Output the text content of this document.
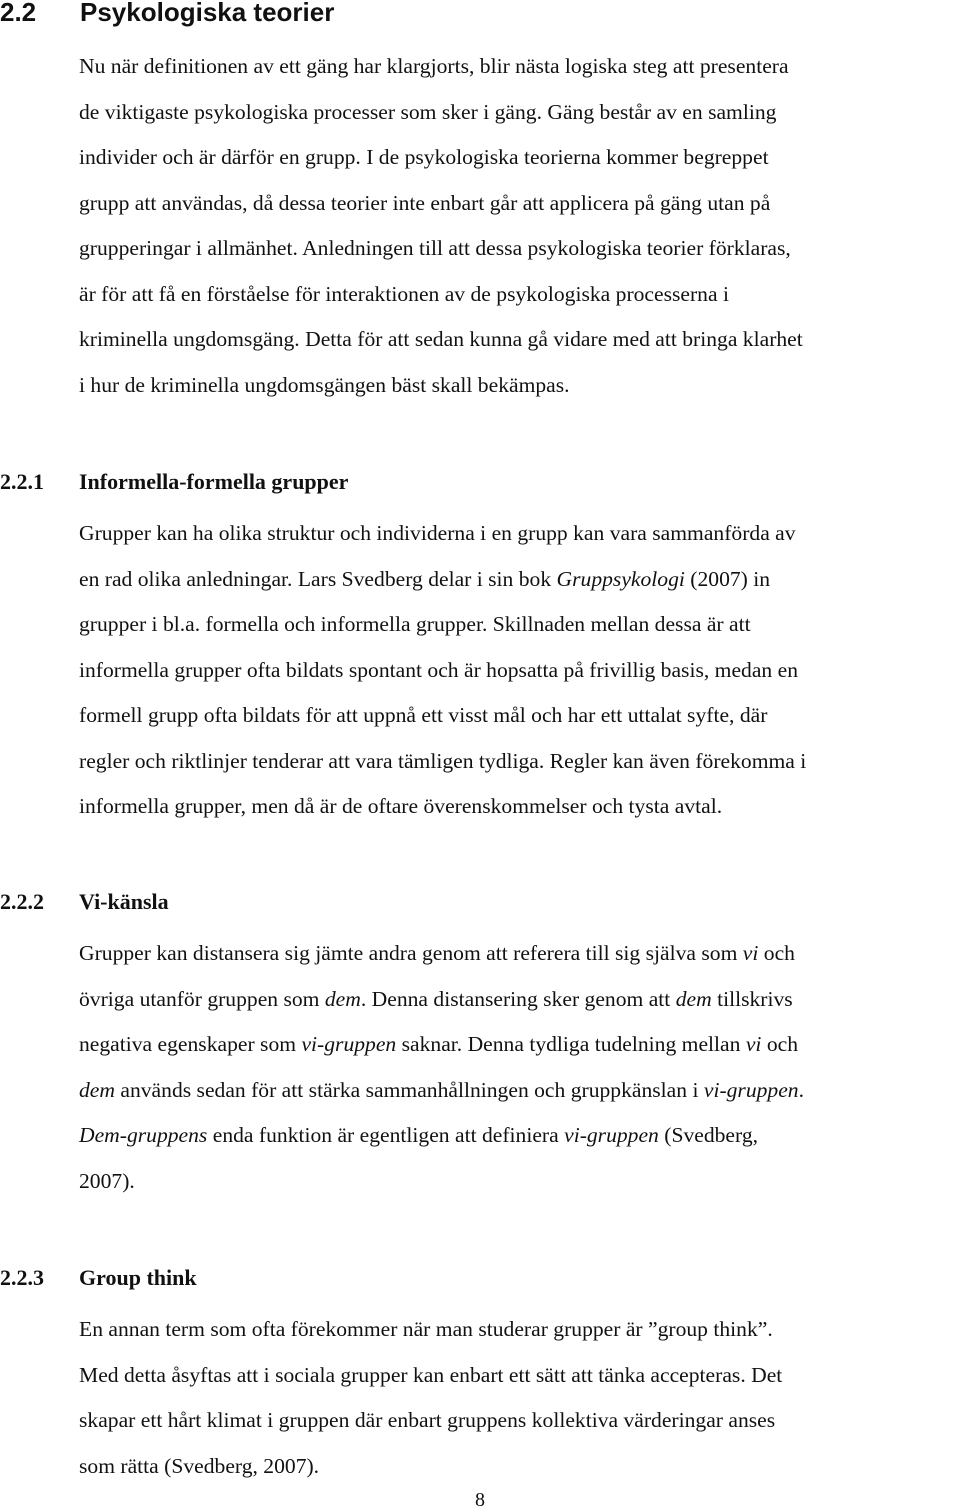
2.2 Psykologiska teorier
Nu när definitionen av ett gäng har klargjorts, blir nästa logiska steg att presentera
de viktigaste psykologiska processer som sker i gäng. Gäng består av en samling
individer och är därför en grupp. I de psykologiska teorierna kommer begreppet
grupp att användas, då dessa teorier inte enbart går att applicera på gäng utan på
grupperingar i allmänhet. Anledningen till att dessa psykologiska teorier förklaras,
är för att få en förståelse för interaktionen av de psykologiska processerna i
kriminella ungdomsgäng. Detta för att sedan kunna gå vidare med att bringa klarhet
i hur de kriminella ungdomsgängen bäst skall bekämpas.
2.2.1 Informella-formella grupper
Grupper kan ha olika struktur och individerna i en grupp kan vara sammanförda av
en rad olika anledningar. Lars Svedberg delar i sin bok Gruppsykologi (2007) in
grupper i bl.a. formella och informella grupper. Skillnaden mellan dessa är att
informella grupper ofta bildats spontant och är hopsatta på frivillig basis, medan en
formell grupp ofta bildats för att uppnå ett visst mål och har ett uttalat syfte, där
regler och riktlinjer tenderar att vara tämligen tydliga. Regler kan även förekomma i
informella grupper, men då är de oftare överenskommelser och tysta avtal.
2.2.2 Vi-känsla
Grupper kan distansera sig jämte andra genom att referera till sig själva som vi och
övriga utanför gruppen som dem. Denna distansering sker genom att dem tillskrivs
negativa egenskaper som vi-gruppen saknar. Denna tydliga tudelning mellan vi och
dem används sedan för att stärka sammanhållningen och gruppkänslan i vi-gruppen.
Dem-gruppens enda funktion är egentligen att definiera vi-gruppen (Svedberg,
2007).
2.2.3 Group think
En annan term som ofta förekommer när man studerar grupper är ”group think”.
Med detta åsyftas att i sociala grupper kan enbart ett sätt att tänka accepteras. Det
skapar ett hårt klimat i gruppen där enbart gruppens kollektiva värderingar anses
som rätta (Svedberg, 2007).
8
